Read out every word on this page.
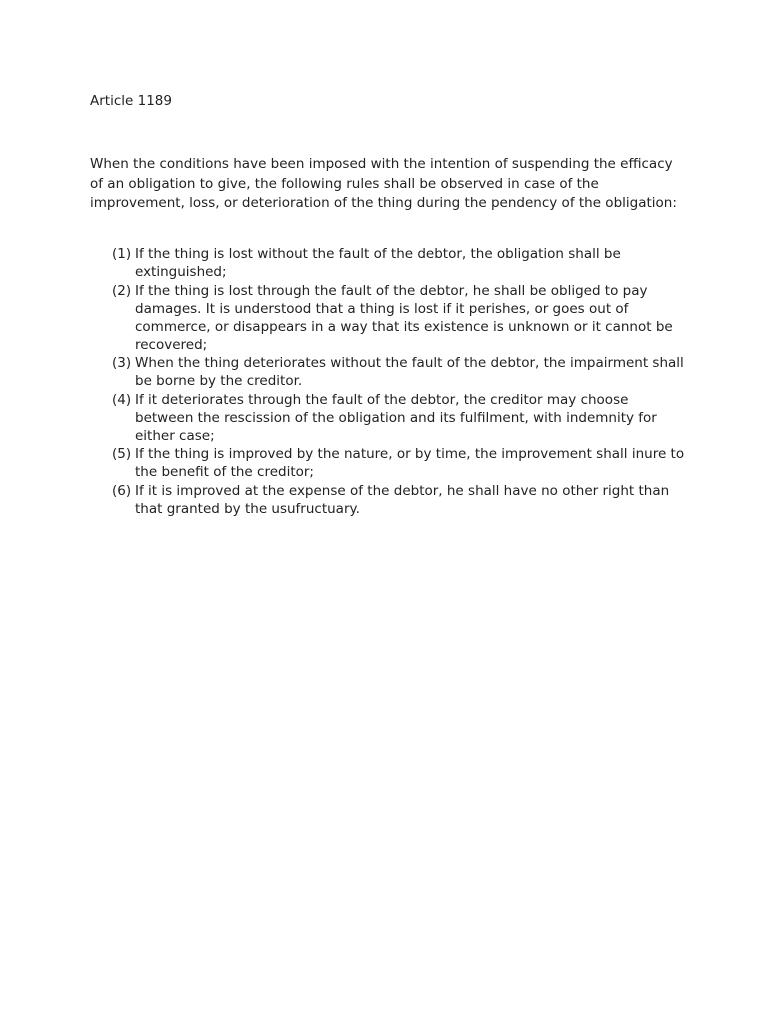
Article 1189

When the conditions have been imposed with the intention of suspending the efficacy of an obligation to give, the following rules shall be observed in case of the improvement, loss, or deterioration of the thing during the pendency of the obligation:

(1) If the thing is lost without the fault of the debtor, the obligation shall be extinguished;
(2) If the thing is lost through the fault of the debtor, he shall be obliged to pay damages. It is understood that a thing is lost if it perishes, or goes out of commerce, or disappears in a way that its existence is unknown or it cannot be recovered;
(3) When the thing deteriorates without the fault of the debtor, the impairment shall be borne by the creditor.
(4) If it deteriorates through the fault of the debtor, the creditor may choose between the rescission of the obligation and its fulfilment, with indemnity for either case;
(5) If the thing is improved by the nature, or by time, the improvement shall inure to the benefit of the creditor;
(6) If it is improved at the expense of the debtor, he shall have no other right than that granted by the usufructuary.
